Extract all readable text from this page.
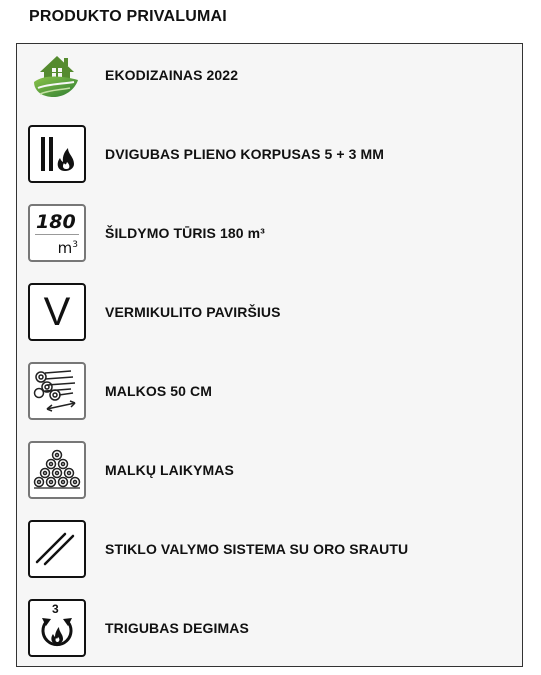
PRODUKTO PRIVALUMAI
EKODIZAINAS 2022
DVIGUBAS PLIENO KORPUSAS 5 + 3 MM
180
$m^3$
ŠILDYMO TŪRIS 180 m³
V VERMIKULITO PAVIRŠIUS
MALKOS 50 CM
MALKŲ LAIKYMAS
STIKLO VALYMO SISTEMA SU ORO SRAUTU
3
TRIGUBAS DEGIMAS
